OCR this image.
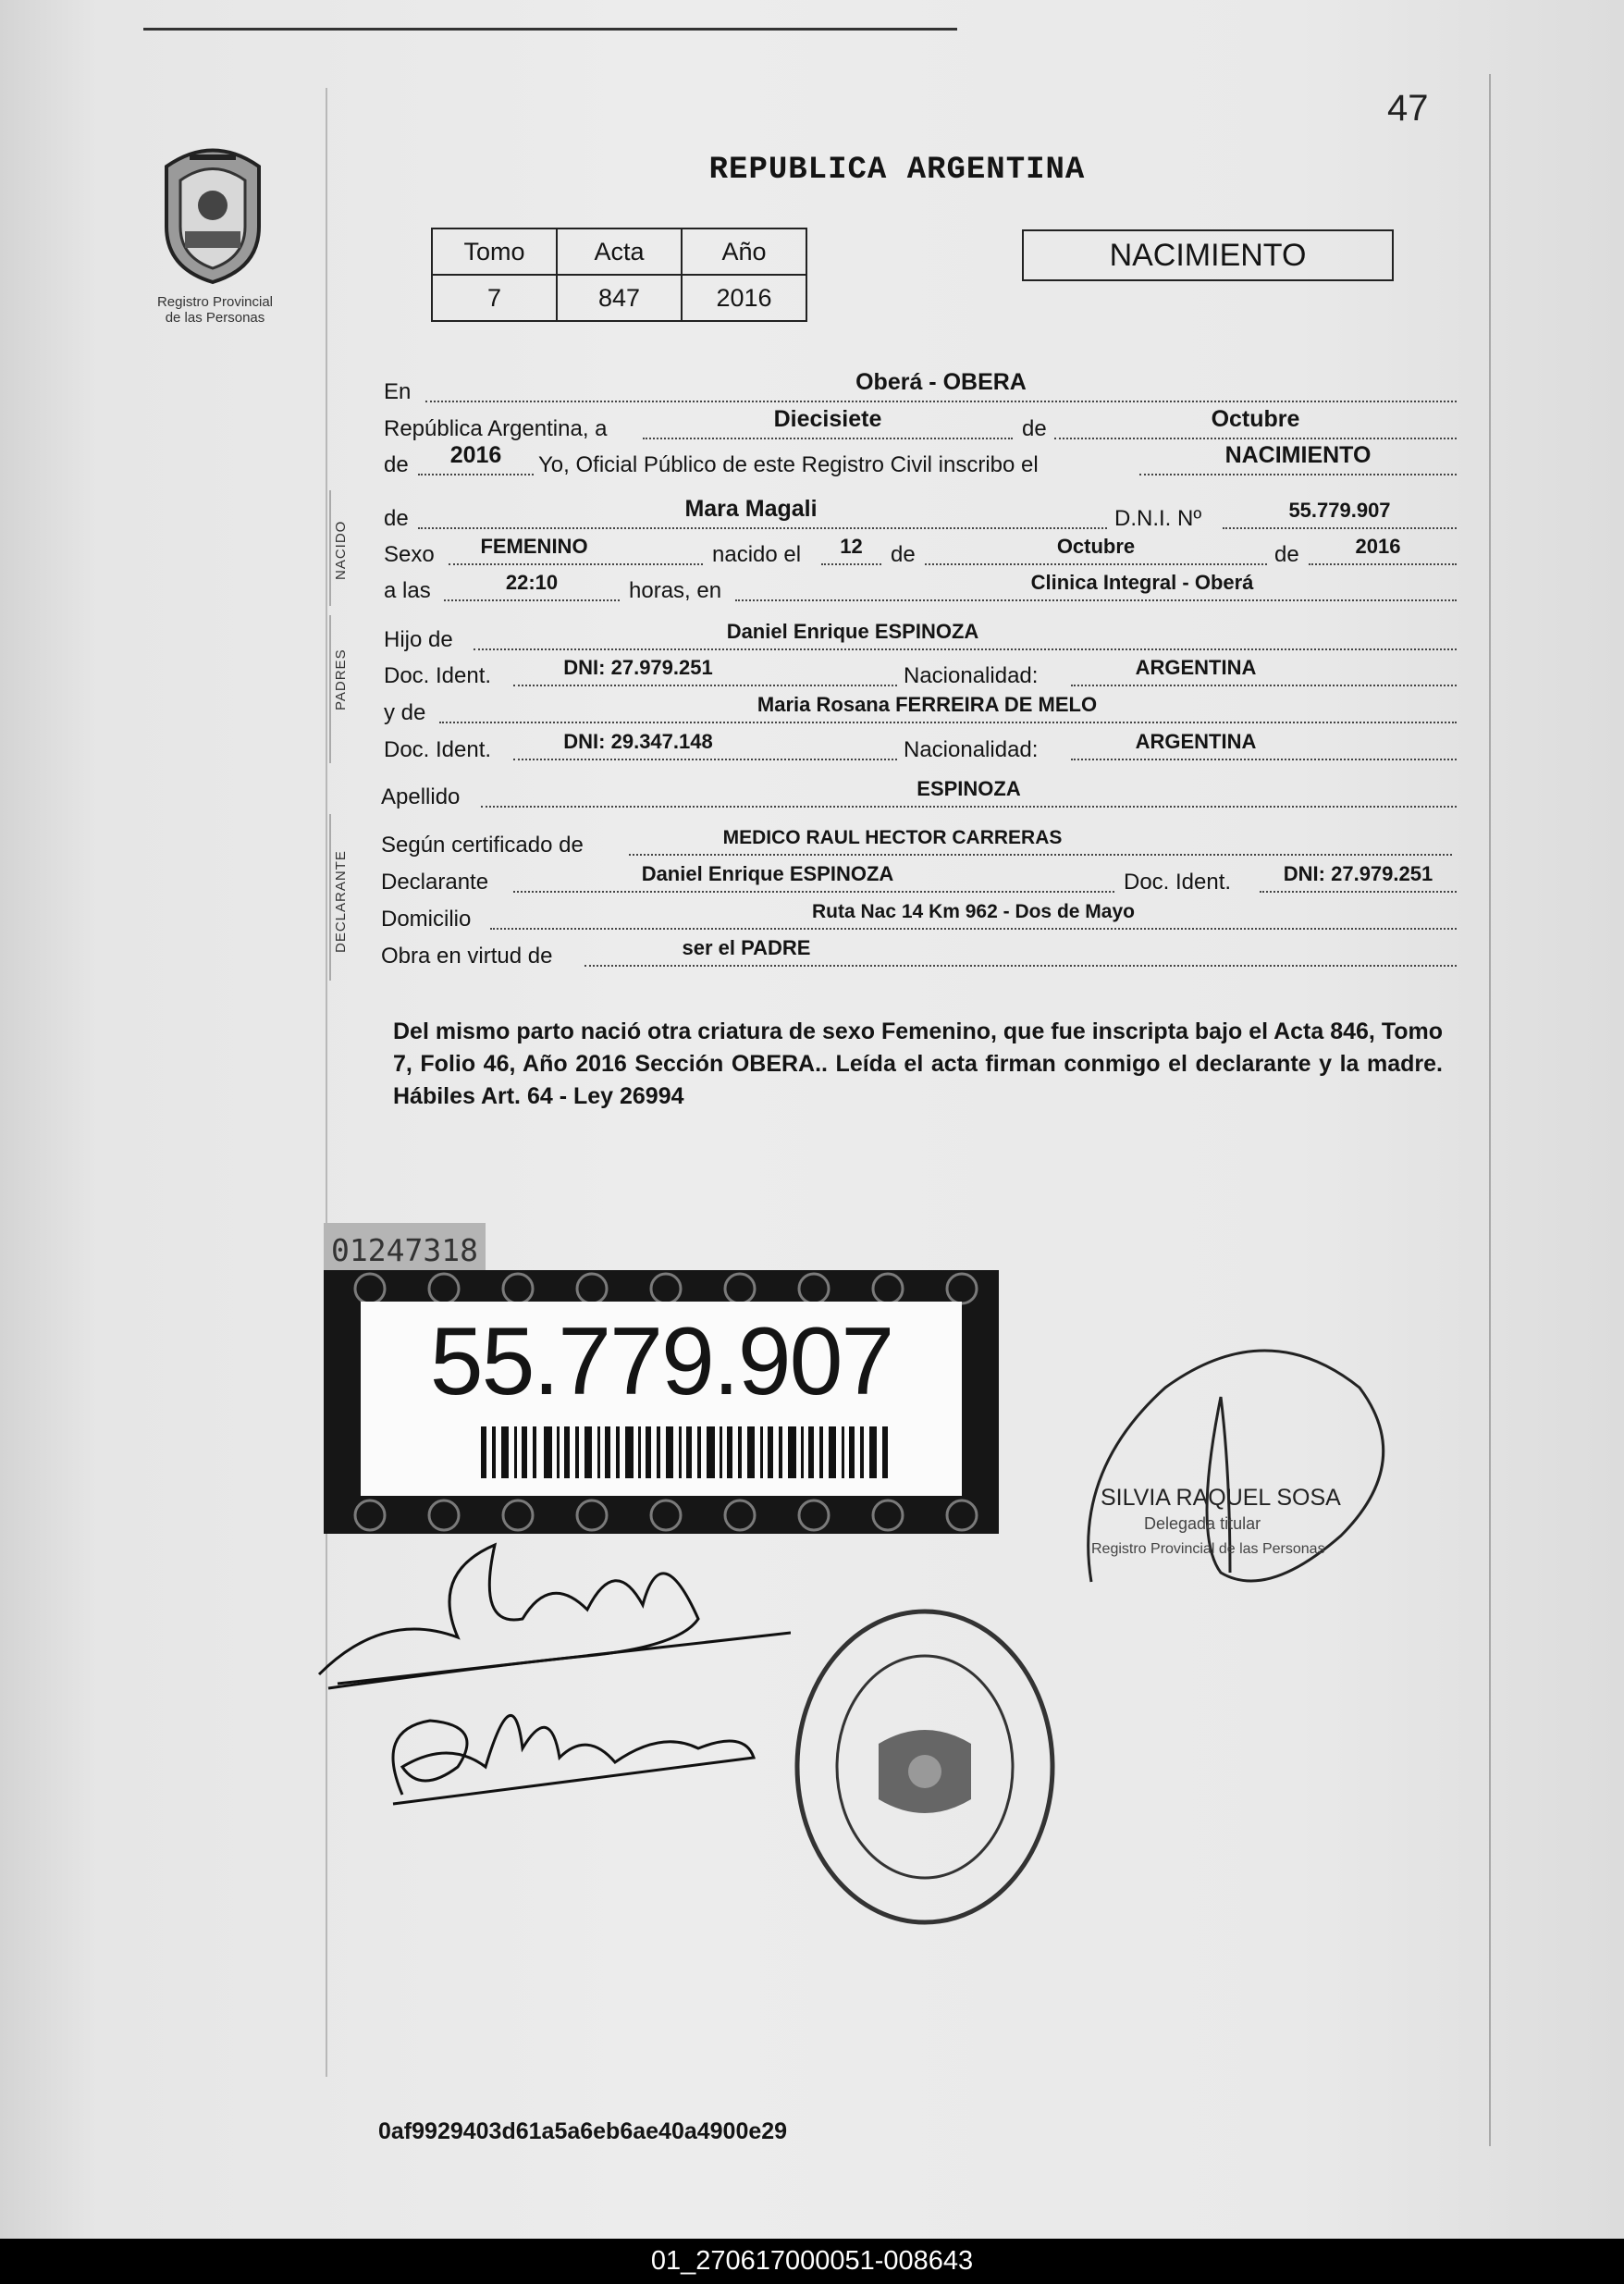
47
Registro Provincial
de las Personas
REPUBLICA ARGENTINA
Tomo	Acta	Año
7	847	2016
NACIMIENTO
En	Oberá - OBERA
República Argentina, a	Diecisiete	de	Octubre
de	2016	Yo, Oficial Público de este Registro Civil inscribo el	NACIMIENTO
NACIDO
de	Mara Magali	D.N.I. Nº	55.779.907
Sexo	FEMENINO	nacido el	12	de	Octubre	de	2016
a las	22:10	horas, en	Clinica Integral - Oberá
PADRES
Hijo de	Daniel Enrique ESPINOZA
Doc. Ident.	DNI: 27.979.251	Nacionalidad:	ARGENTINA
y de	Maria Rosana FERREIRA DE MELO
Doc. Ident.	DNI: 29.347.148	Nacionalidad:	ARGENTINA
Apellido	ESPINOZA
DECLARANTE
Según certificado de	MEDICO RAUL HECTOR CARRERAS
Declarante	Daniel Enrique ESPINOZA	Doc. Ident.	DNI: 27.979.251
Domicilio	Ruta Nac 14 Km 962 - Dos de Mayo
Obra en virtud de	ser el PADRE
Del mismo parto nació otra criatura de sexo Femenino, que fue inscripta bajo el Acta 846, Tomo 7, Folio 46, Año 2016 Sección OBERA.. Leída el acta firman conmigo el declarante y la madre. Hábiles Art. 64 - Ley 26994
01247318
55.779.907
SILVIA RAQUEL SOSA
Delegada titular
Registro Provincial de las Personas
0af9929403d61a5a6eb6ae40a4900e29
01_270617000051-008643
